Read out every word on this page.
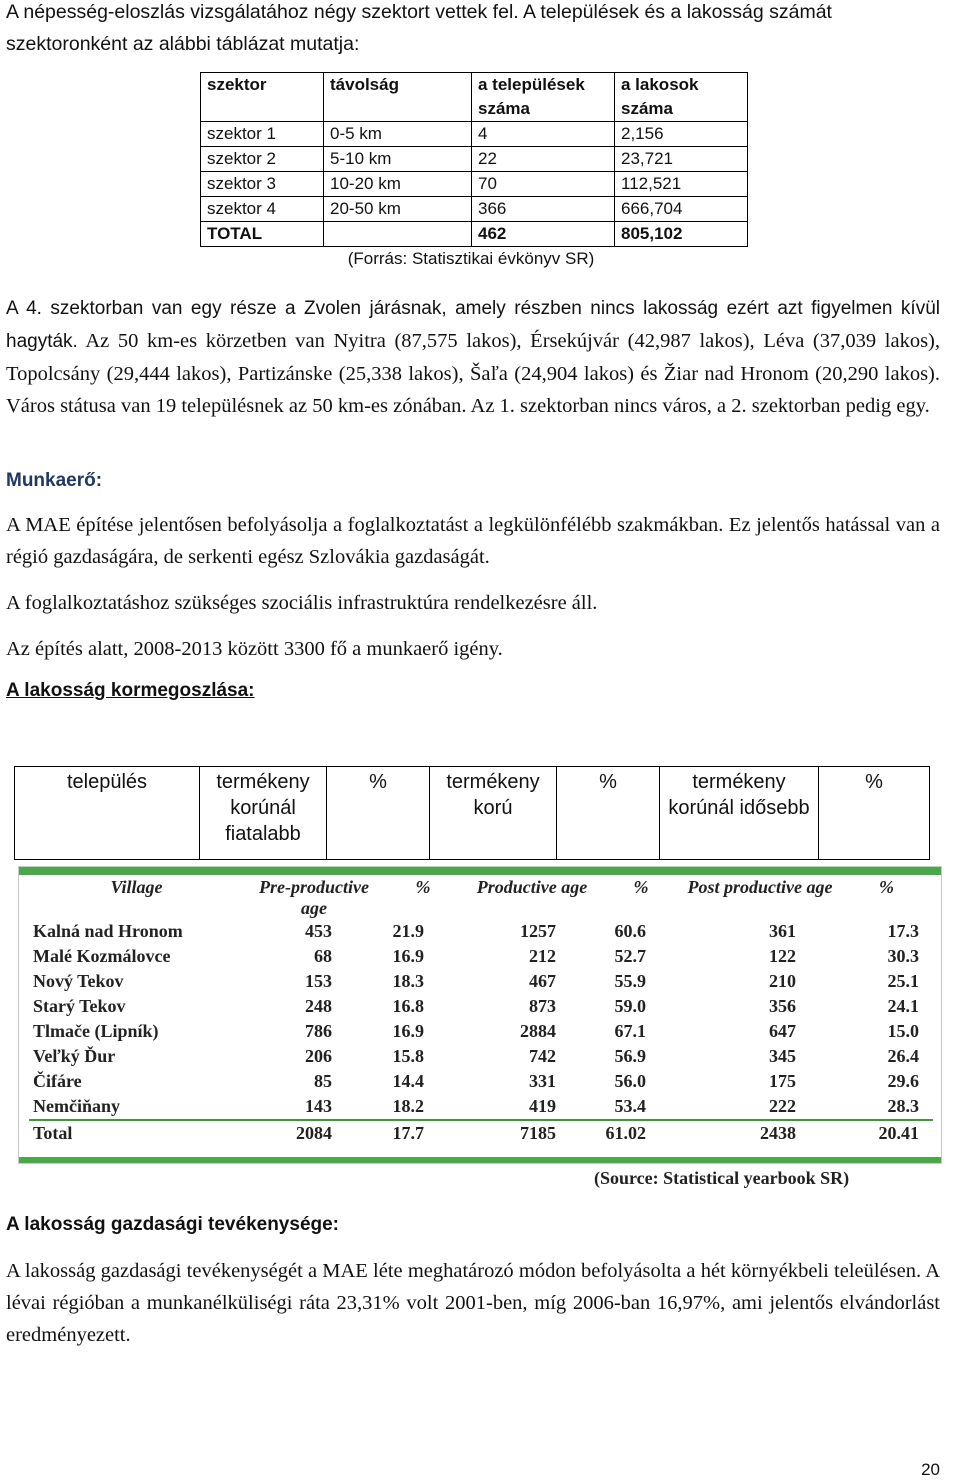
A népesség-eloszlás vizsgálatához négy szektort vettek fel. A települések és a lakosság számát
szektoronként az alábbi táblázat mutatja:
szektor	távolság	a települések száma	a lakosok száma
szektor 1	0-5 km	4	2,156
szektor 2	5-10 km	22	23,721
szektor 3	10-20 km	70	112,521
szektor 4	20-50 km	366	666,704
TOTAL		462	805,102
(Forrás: Statisztikai évkönyv SR)			
A 4. szektorban van egy része a Zvolen járásnak, amely részben nincs lakosság ezért azt figyelmen kívül hagyták. Az 50 km-es körzetben van Nyitra (87,575 lakos), Érsekújvár (42,987 lakos), Léva (37,039 lakos), Topolcsány (29,444 lakos), Partizánske (25,338 lakos), Šaľa (24,904 lakos) és Žiar nad Hronom (20,290 lakos). Város státusa van 19 településnek az 50 km-es zónában. Az 1. szektorban nincs város, a 2. szektorban pedig egy.
Munkaerő:
A MAE építése jelentősen befolyásolja a foglalkoztatást a legkülönfélébb szakmákban. Ez jelentős hatással van a régió gazdaságára, de serkenti egész Szlovákia gazdaságát.
A foglalkoztatáshoz szükséges szociális infrastruktúra rendelkezésre áll.
Az építés alatt, 2008-2013 között 3300 fő a munkaerő igény.
A lakosság kormegoszlása:
település	termékeny korúnál fiatalabb	%	termékeny korú	%	termékeny korúnál idősebb	%
Village	Pre-productive age	%	Productive age	%	Post productive age	%
Kalná nad Hronom	453	21.9	1257	60.6	361	17.3
Malé Kozmálovce	68	16.9	212	52.7	122	30.3
Nový Tekov	153	18.3	467	55.9	210	25.1
Starý Tekov	248	16.8	873	59.0	356	24.1
Tlmače (Lipník)	786	16.9	2884	67.1	647	15.0
Veľký Ďur	206	15.8	742	56.9	345	26.4
Čifáre	85	14.4	331	56.0	175	29.6
Nemčiňany	143	18.2	419	53.4	222	28.3
Total	2084	17.7	7185	61.02	2438	20.41
(Source: Statistical yearbook SR)
A lakosság gazdasági tevékenysége:
A lakosság gazdasági tevékenységét a MAE léte meghatározó módon befolyásolta a hét környékbeli teleülésen. A lévai régióban a munkanélküliségi ráta 23,31% volt 2001-ben, míg 2006-ban 16,97%, ami jelentős elvándorlást eredményezett.
20
